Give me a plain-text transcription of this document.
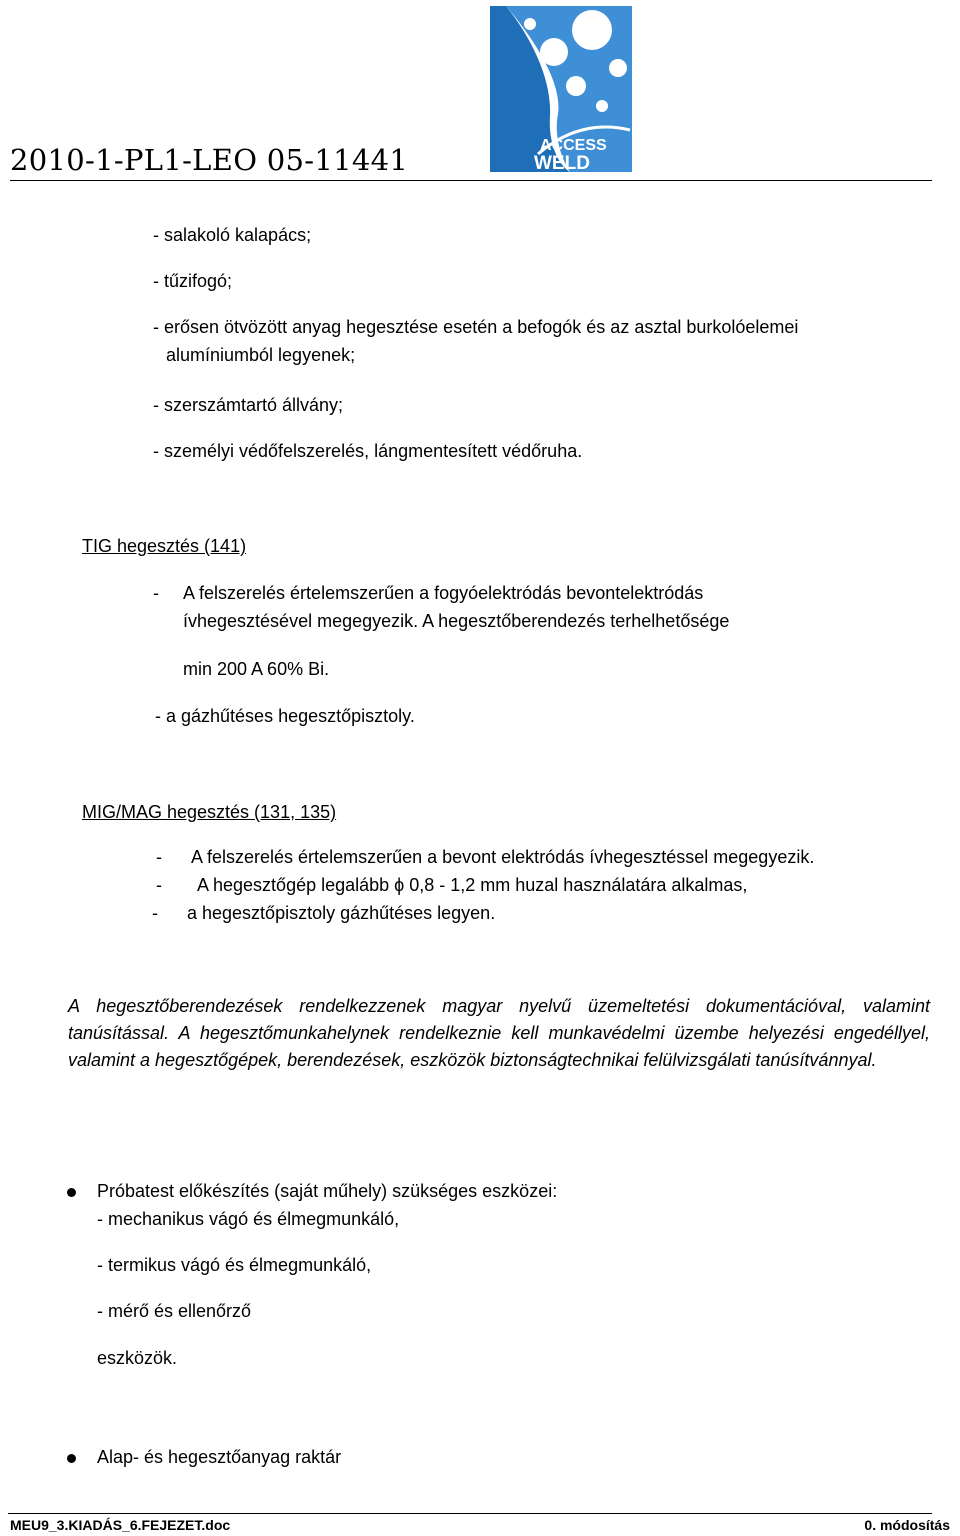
ACCESS
WELD
2010-1-PL1-LEO 05-11441
- salakoló kalapács;
- tűzifogó;
- erősen ötvözött anyag hegesztése esetén a befogók és az asztal burkolóelemei
alumíniumból legyenek;
- szerszámtartó állvány;
- személyi védőfelszerelés, lángmentesített védőruha.
TIG hegesztés (141)
- A felszerelés értelemszerűen a fogyóelektródás bevontelektródás
ívhegesztésével megegyezik. A hegesztőberendezés terhelhetősége
min 200 A 60% Bi.
- a gázhűtéses hegesztőpisztoly.
MIG/MAG hegesztés (131, 135)
- A felszerelés értelemszerűen a bevont elektródás ívhegesztéssel megegyezik.
- A hegesztőgép legalább ϕ 0,8 - 1,2 mm huzal használatára alkalmas,
- a hegesztőpisztoly gázhűtéses legyen.
A hegesztőberendezések rendelkezzenek magyar nyelvű üzemeltetési dokumentációval, valamint tanúsítással. A hegesztőmunkahelynek rendelkeznie kell munkavédelmi üzembe helyezési engedéllyel, valamint a hegesztőgépek, berendezések, eszközök biztonságtechnikai felülvizsgálati tanúsítvánnyal.
Próbatest előkészítés (saját műhely) szükséges eszközei:
- mechanikus vágó és élmegmunkáló,
- termikus vágó és élmegmunkáló,
- mérő és ellenőrző
eszközök.
Alap- és hegesztőanyag raktár
MEU9_3.KIADÁS_6.FEJEZET.doc	0. módosítás
